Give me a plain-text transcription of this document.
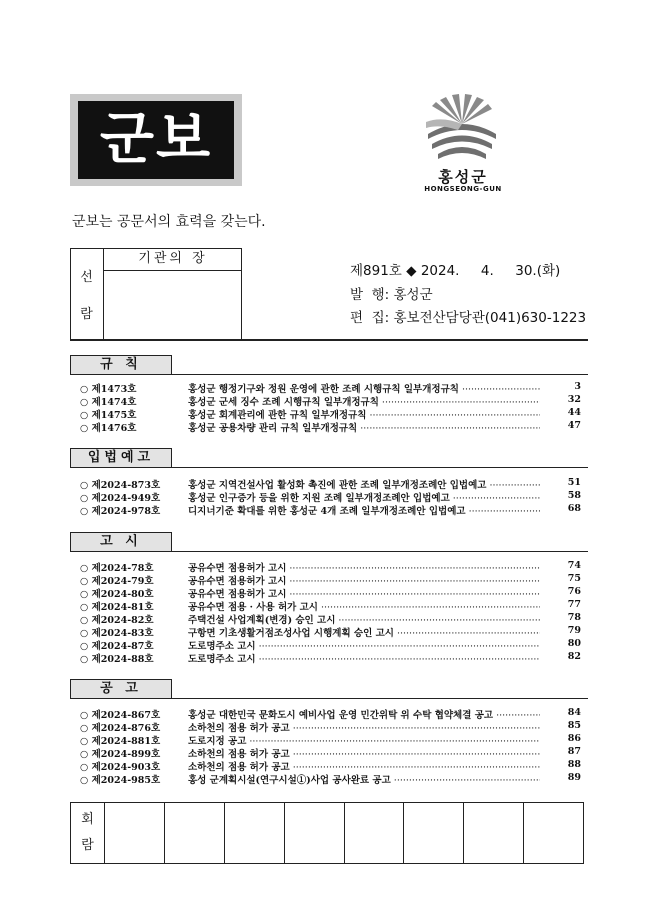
군보
홍성군
HONGSEONG-GUN
군보는 공문서의 효력을 갖는다.
기관의 장
선
람
제891호 ◆ 2024.     4.     30.(화)
발  행: 홍성군
편  집: 홍보전산담당관(041)630-1223
규 칙
○ 제1473호	홍성군 행정기구와 정원 운영에 관한 조례 시행규칙 일부개정규칙 ·····	3
○ 제1474호	홍성군 군세 징수 조례 시행규칙 일부개정규칙 ·····	32
○ 제1475호	홍성군 회계관리에 관한 규칙 일부개정규칙 ·····	44
○ 제1476호	홍성군 공용차량 관리 규칙 일부개정규칙 ·····	47
입법예고
○ 제2024-873호	홍성군 지역건설사업 활성화 촉진에 관한 조례 일부개정조례안 입법예고 ·····	51
○ 제2024-949호	홍성군 인구증가 등을 위한 지원 조례 일부개정조례안 입법예고 ·····	58
○ 제2024-978호	디지너기준 확대를 위한 홍성군 4개 조례 일부개정조례안 입법예고 ·····	68
고 시
○ 제2024-78호	공유수면 점용허가 고시 ·····	74
○ 제2024-79호	공유수면 점용허가 고시 ·····	75
○ 제2024-80호	공유수면 점용허가 고시 ·····	76
○ 제2024-81호	공유수면 점용 · 사용 허가 고시 ·····	77
○ 제2024-82호	주택건설 사업계획(변경) 승인 고시 ·····	78
○ 제2024-83호	구항면 기초생활거점조성사업 시행계획 승인 고시 ·····	79
○ 제2024-87호	도로명주소 고시 ·····	80
○ 제2024-88호	도로명주소 고시 ·····	82
공 고
○ 제2024-867호	홍성군 대한민국 문화도시 예비사업 운영 민간위탁 위 수탁 협약체결 공고 ·····	84
○ 제2024-876호	소하천의 점용 허가 공고 ·····	85
○ 제2024-881호	도로지정 공고 ·····	86
○ 제2024-899호	소하천의 점용 허가 공고 ·····	87
○ 제2024-903호	소하천의 점용 허가 공고 ·····	88
○ 제2024-985호	홍성 군계획시설(연구시설①)사업 공사완료 공고 ·····	89
회
람
